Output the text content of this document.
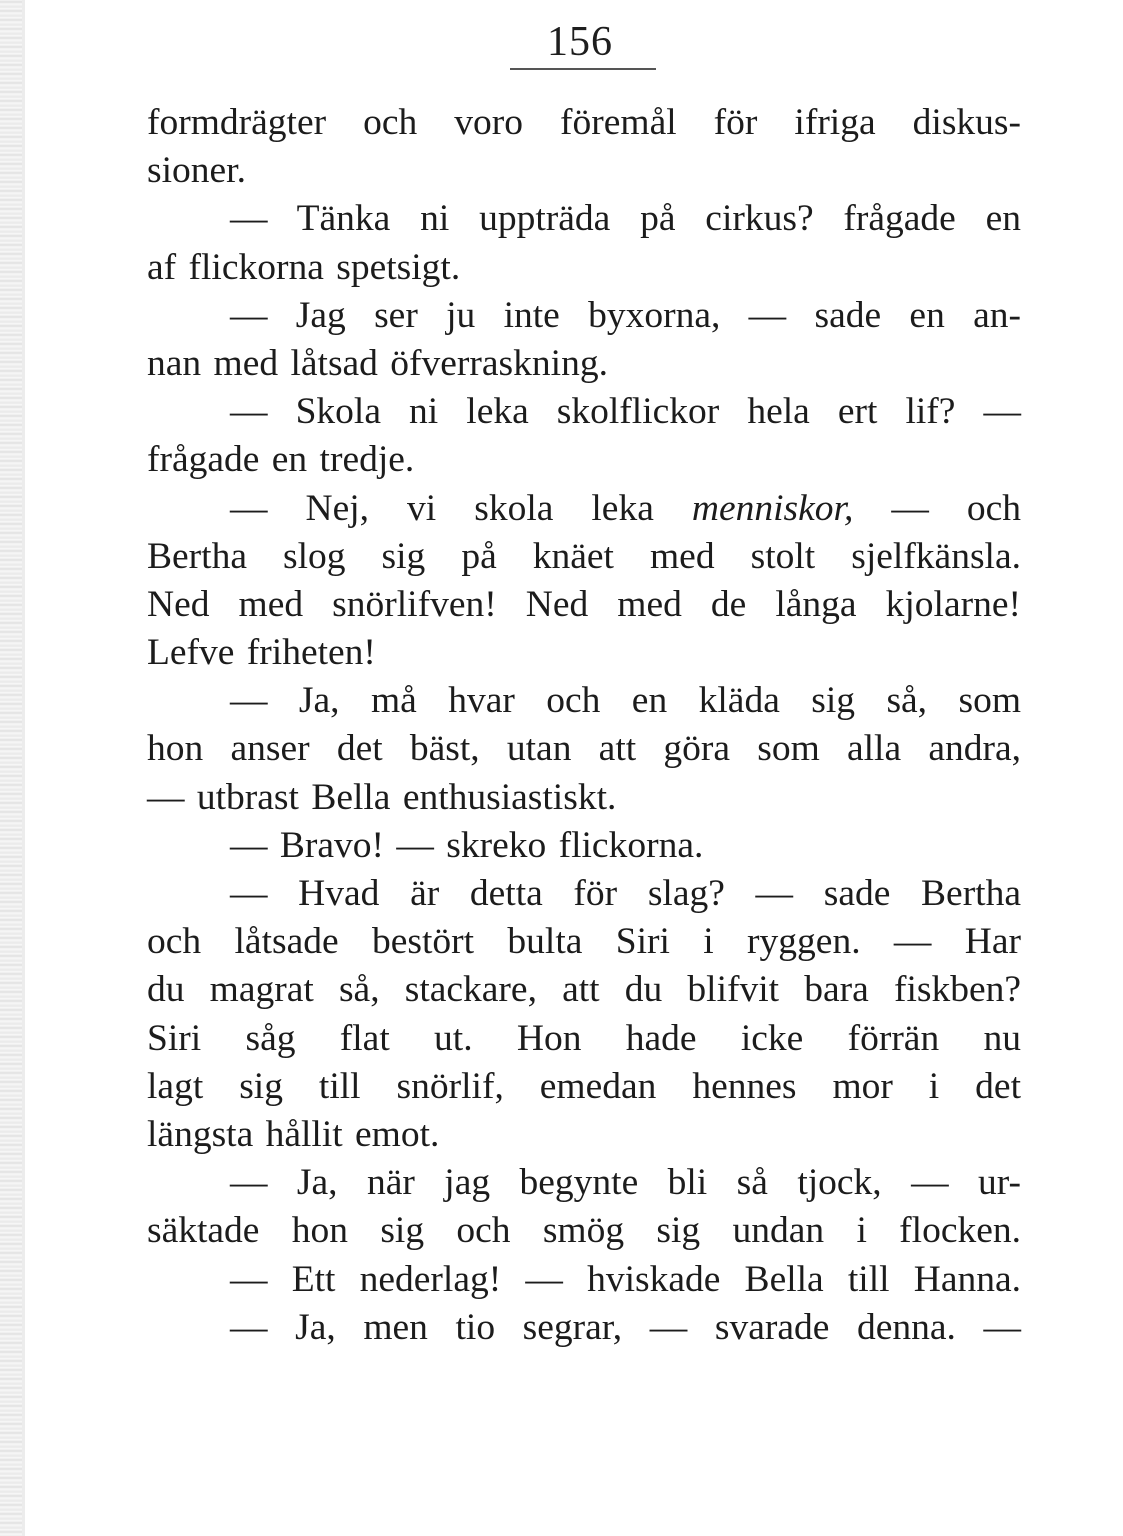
156
formdrägter och voro föremål för ifriga diskus-
sioner.
— Tänka ni uppträda på cirkus? frågade en
af flickorna spetsigt.
— Jag ser ju inte byxorna, — sade en an-
nan med låtsad öfverraskning.
— Skola ni leka skolflickor hela ert lif? —
frågade en tredje.
— Nej, vi skola leka menniskor, — och
Bertha slog sig på knäet med stolt sjelfkänsla.
Ned med snörlifven! Ned med de långa kjolarne!
Lefve friheten!
— Ja, må hvar och en kläda sig så, som
hon anser det bäst, utan att göra som alla andra,
— utbrast Bella enthusiastiskt.
— Bravo! — skreko flickorna.
— Hvad är detta för slag? — sade Bertha
och låtsade bestört bulta Siri i ryggen. — Har
du magrat så, stackare, att du blifvit bara fiskben?
Siri såg flat ut. Hon hade icke förrän nu
lagt sig till snörlif, emedan hennes mor i det
längsta hållit emot.
— Ja, när jag begynte bli så tjock, — ur-
säktade hon sig och smög sig undan i flocken.
— Ett nederlag! — hviskade Bella till Hanna.
— Ja, men tio segrar, — svarade denna. —
